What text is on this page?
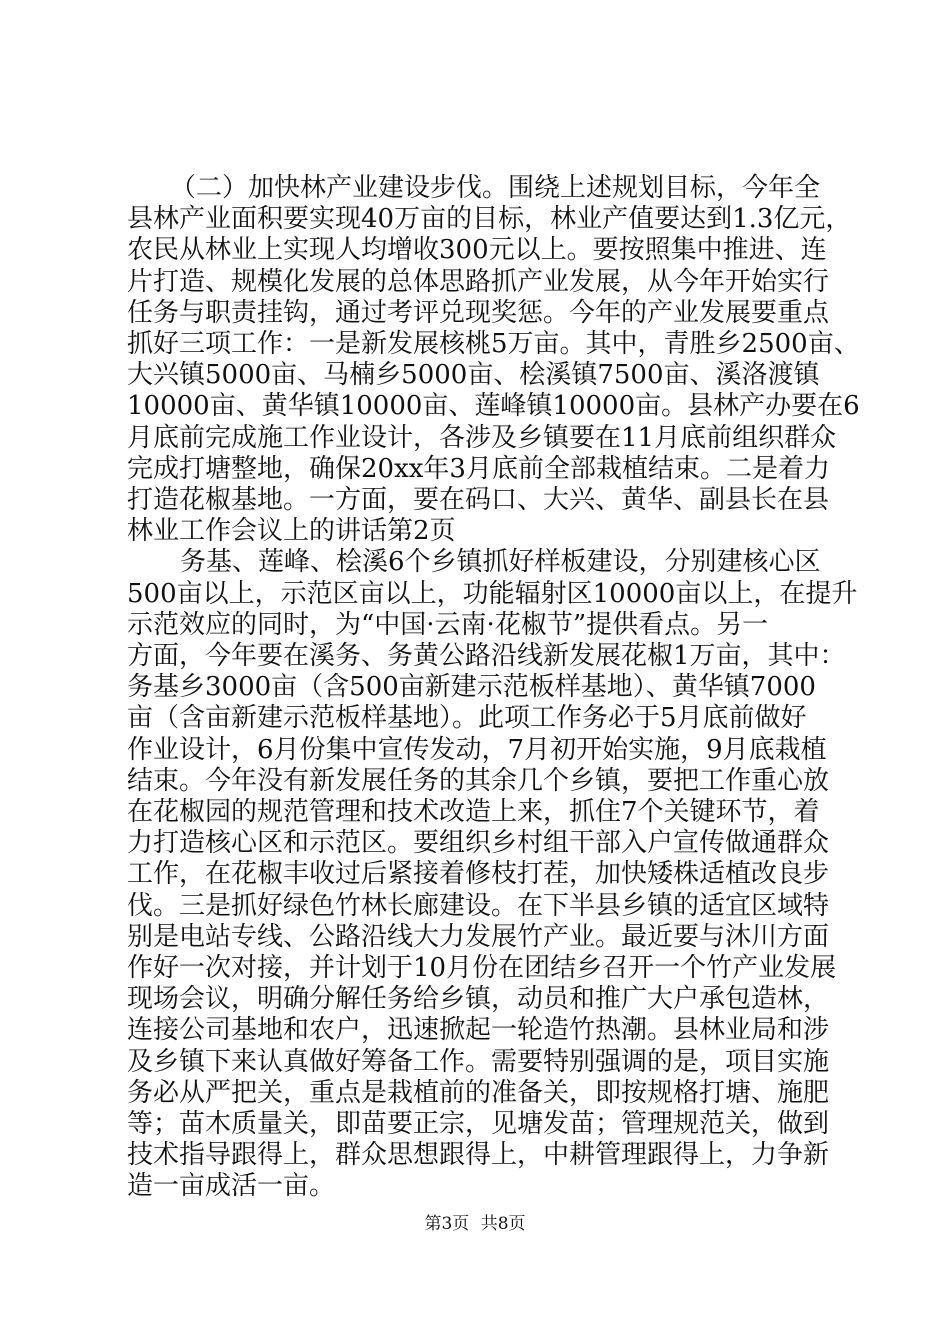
（二）加快林产业建设步伐。围绕上述规划目标，今年全
县林产业面积要实现40万亩的目标，林业产值要达到1.3亿元，
农民从林业上实现人均增收300元以上。要按照集中推进、连
片打造、规模化发展的总体思路抓产业发展，从今年开始实行
任务与职责挂钩，通过考评兑现奖惩。今年的产业发展要重点
抓好三项工作：一是新发展核桃5万亩。其中，青胜乡2500亩、
大兴镇5000亩、马楠乡5000亩、桧溪镇7500亩、溪洛渡镇
10000亩、黄华镇10000亩、莲峰镇10000亩。县林产办要在6
月底前完成施工作业设计，各涉及乡镇要在11月底前组织群众
完成打塘整地，确保20xx年3月底前全部栽植结束。二是着力
打造花椒基地。一方面，要在码口、大兴、黄华、副县长在县
林业工作会议上的讲话第2页
务基、莲峰、桧溪6个乡镇抓好样板建设，分别建核心区
500亩以上，示范区亩以上，功能辐射区10000亩以上，在提升
示范效应的同时，为“中国·云南·花椒节”提供看点。另一
方面，今年要在溪务、务黄公路沿线新发展花椒1万亩，其中：
务基乡3000亩（含500亩新建示范板样基地）、黄华镇7000
亩（含亩新建示范板样基地）。此项工作务必于5月底前做好
作业设计，6月份集中宣传发动，7月初开始实施，9月底栽植
结束。今年没有新发展任务的其余几个乡镇，要把工作重心放
在花椒园的规范管理和技术改造上来，抓住7个关键环节，着
力打造核心区和示范区。要组织乡村组干部入户宣传做通群众
工作，在花椒丰收过后紧接着修枝打茬，加快矮株适植改良步
伐。三是抓好绿色竹林长廊建设。在下半县乡镇的适宜区域特
别是电站专线、公路沿线大力发展竹产业。最近要与沐川方面
作好一次对接，并计划于10月份在团结乡召开一个竹产业发展
现场会议，明确分解任务给乡镇，动员和推广大户承包造林，
连接公司基地和农户，迅速掀起一轮造竹热潮。县林业局和涉
及乡镇下来认真做好筹备工作。需要特别强调的是，项目实施
务必从严把关，重点是栽植前的准备关，即按规格打塘、施肥
等；苗木质量关，即苗要正宗，见塘发苗；管理规范关，做到
技术指导跟得上，群众思想跟得上，中耕管理跟得上，力争新
造一亩成活一亩。
第3页 共8页
